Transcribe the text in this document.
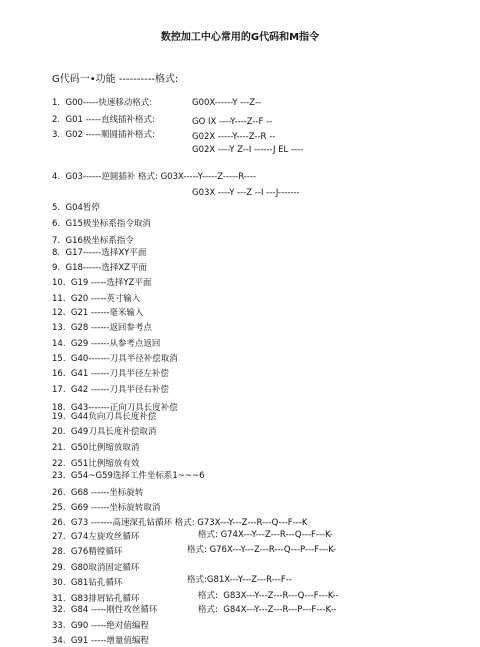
数控加工中心常用的G代码和M指令
G代码一•功能 ----------格式:
1.  G00-----快速移动格式:	G00X------Y ---Z--
2.  G01 -----直线插补格式:	GO IX ----Y----Z--F --
3.  G02 -----顺圆插补格式:	G02X -----Y----Z--R --
G02X ----Y Z--I ------J EL ----
4.  G03------逆圆插补 格式: G03X-----Y-----Z-----R----
G03X ----Y ---Z --I ---J-------
5.  G04暂停
6.  G15极坐标系指令取消
7.  G16极坐标系指令
8.  G17------选择XY平面
9.  G18------选择XZ平面
10.  G19 -----选择YZ平面
11.  G20 -----英寸输入
12.  G21 ------毫米输入
13.  G28 ------返回参考点
14.  G29 ------从参考点返回
15.  G40-------刀具半径补偿取消
16.  G41 ------刀具半径左补偿
17.  G42 ------刀具半径右补偿
18.  G43-------正向刀具长度补偿
19.  G44负向刀具长度补偿
20.  G49刀具长度补偿取消
21.  G50比例缩放取消
22.  G51比例缩放有效
23.  G54~G59选择工件坐标系1~~~6
26.  G68 ------坐标旋转
25.  G69 ------坐标旋转取消
26.  G73 -------高速深孔钻循环 格式: G73X---Y---Z---R---Q---F---K
27.  G74左旋攻丝循环	格式: G74X---Y---Z---R---Q---F---K-
28.  G76精镗循环	格式: G76X---Y---Z---R---Q---P---F---K-
29.  G80取消固定循环
30.  G81钻孔循环	格式:G81X---Y---Z---R---F--
31.  G83排屑钻孔循环	格式:  G83X---Y---Z---R---Q---F---K--
32.  G84 -----刚性攻丝循环	格式:  G84X---Y---Z---R---P---F---K--
33.  G90 -----绝对值编程
34.  G91 -----增量值编程
